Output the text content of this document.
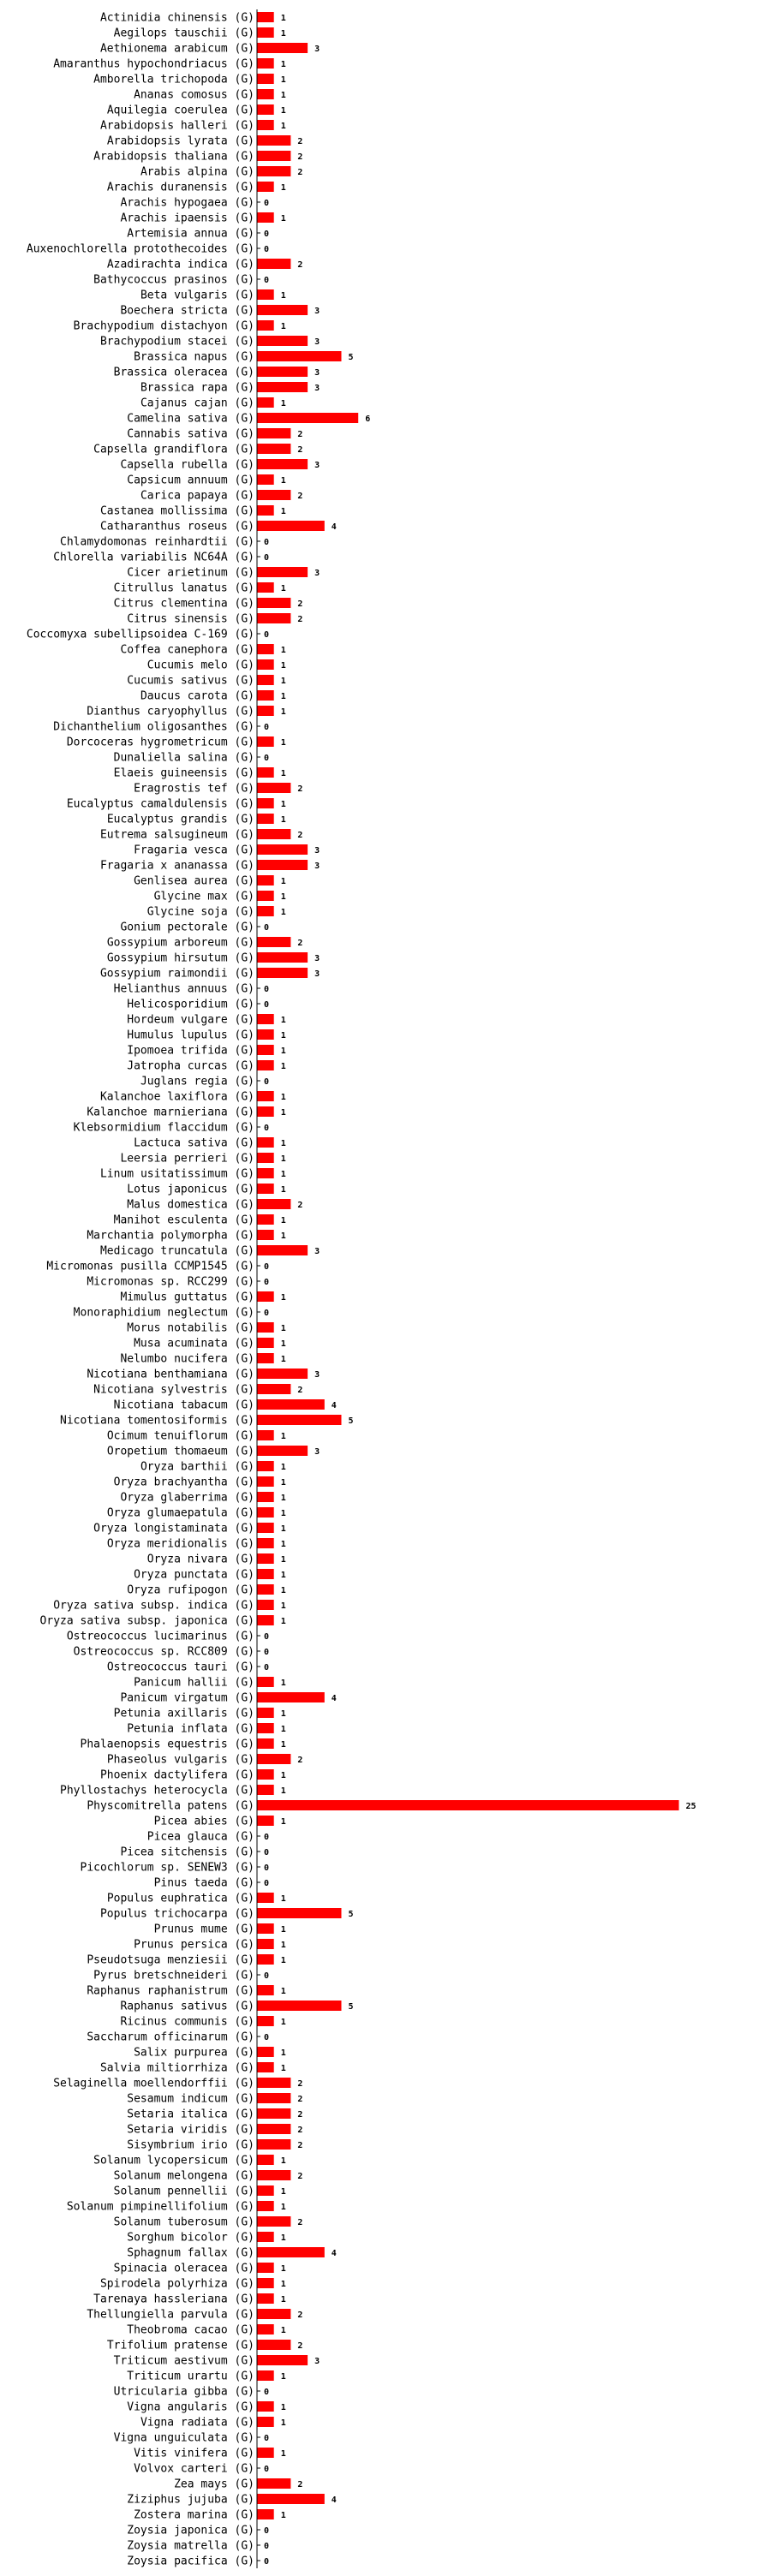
Actinidia chinensis (G)	1
Aegilops tauschii (G)	1
Aethionema arabicum (G)	3
Amaranthus hypochondriacus (G)	1
Amborella trichopoda (G)	1
Ananas comosus (G)	1
Aquilegia coerulea (G)	1
Arabidopsis halleri (G)	1
Arabidopsis lyrata (G)	2
Arabidopsis thaliana (G)	2
Arabis alpina (G)	2
Arachis duranensis (G)	1
Arachis hypogaea (G) 0
Arachis ipaensis (G)	1
Artemisia annua (G) 0
Auxenochlorella protothecoides (G) 0
Azadirachta indica (G)	2
Bathycoccus prasinos (G) 0
Beta vulgaris (G)	1
Boechera stricta (G)	3
Brachypodium distachyon (G)	1
Brachypodium stacei (G)	3
Brassica napus (G)	5
Brassica oleracea (G)	3
Brassica rapa (G)	3
Cajanus cajan (G)	1
Camelina sativa (G)	6
Cannabis sativa (G)	2
Capsella grandiflora (G)	2
Capsella rubella (G)	3
Capsicum annuum (G)	1
Carica papaya (G)	2
Castanea mollissima (G)	1
Catharanthus roseus (G)	4
Chlamydomonas reinhardtii (G) 0
Chlorella variabilis NC64A (G) 0
Cicer arietinum (G)	3
Citrullus lanatus (G)	1
Citrus clementina (G)	2
Citrus sinensis (G)	2
Coccomyxa subellipsoidea C-169 (G) 0
Coffea canephora (G)	1
Cucumis melo (G)	1
Cucumis sativus (G)	1
Daucus carota (G)	1
Dianthus caryophyllus (G)	1
Dichanthelium oligosanthes (G) 0
Dorcoceras hygrometricum (G)	1
Dunaliella salina (G) 0
Elaeis guineensis (G)	1
Eragrostis tef (G)	2
Eucalyptus camaldulensis (G)	1
Eucalyptus grandis (G)	1
Eutrema salsugineum (G)	2
Fragaria vesca (G)	3
Fragaria x ananassa (G)	3
Genlisea aurea (G)	1
Glycine max (G)	1
Glycine soja (G)	1
Gonium pectorale (G) 0
Gossypium arboreum (G)	2
Gossypium hirsutum (G)	3
Gossypium raimondii (G)	3
Helianthus annuus (G) 0
Helicosporidium (G) 0
Hordeum vulgare (G)	1
Humulus lupulus (G)	1
Ipomoea trifida (G)	1
Jatropha curcas (G)	1
Juglans regia (G) 0
Kalanchoe laxiflora (G)	1
Kalanchoe marnieriana (G)	1
Klebsormidium flaccidum (G) 0
Lactuca sativa (G)	1
Leersia perrieri (G)	1
Linum usitatissimum (G)	1
Lotus japonicus (G)	1
Malus domestica (G)	2
Manihot esculenta (G)	1
Marchantia polymorpha (G)	1
Medicago truncatula (G)	3
Micromonas pusilla CCMP1545 (G) 0
Micromonas sp. RCC299 (G) 0
Mimulus guttatus (G)	1
Monoraphidium neglectum (G) 0
Morus notabilis (G)	1
Musa acuminata (G)	1
Nelumbo nucifera (G)	1
Nicotiana benthamiana (G)	3
Nicotiana sylvestris (G)	2
Nicotiana tabacum (G)	4
Nicotiana tomentosiformis (G)	5
Ocimum tenuiflorum (G)	1
Oropetium thomaeum (G)	3
Oryza barthii (G)	1
Oryza brachyantha (G)	1
Oryza glaberrima (G)	1
Oryza glumaepatula (G)	1
Oryza longistaminata (G)	1
Oryza meridionalis (G)	1
Oryza nivara (G)	1
Oryza punctata (G)	1
Oryza rufipogon (G)	1
Oryza sativa subsp. indica (G)	1
Oryza sativa subsp. japonica (G)	1
Ostreococcus lucimarinus (G) 0
Ostreococcus sp. RCC809 (G) 0
Ostreococcus tauri (G) 0
Panicum hallii (G)	1
Panicum virgatum (G)	4
Petunia axillaris (G)	1
Petunia inflata (G)	1
Phalaenopsis equestris (G)	1
Phaseolus vulgaris (G)	2
Phoenix dactylifera (G)	1
Phyllostachys heterocycla (G)	1
Physcomitrella patens (G)	25
Picea abies (G)	1
Picea glauca (G) 0
Picea sitchensis (G) 0
Picochlorum sp. SENEW3 (G) 0
Pinus taeda (G) 0
Populus euphratica (G)	1
Populus trichocarpa (G)	5
Prunus mume (G)	1
Prunus persica (G)	1
Pseudotsuga menziesii (G)	1
Pyrus bretschneideri (G) 0
Raphanus raphanistrum (G)	1
Raphanus sativus (G)	5
Ricinus communis (G)	1
Saccharum officinarum (G) 0
Salix purpurea (G)	1
Salvia miltiorrhiza (G)	1
Selaginella moellendorffii (G)	2
Sesamum indicum (G)	2
Setaria italica (G)	2
Setaria viridis (G)	2
Sisymbrium irio (G)	2
Solanum lycopersicum (G)	1
Solanum melongena (G)	2
Solanum pennellii (G)	1
Solanum pimpinellifolium (G)	1
Solanum tuberosum (G)	2
Sorghum bicolor (G)	1
Sphagnum fallax (G)	4
Spinacia oleracea (G)	1
Spirodela polyrhiza (G)	1
Tarenaya hassleriana (G)	1
Thellungiella parvula (G)	2
Theobroma cacao (G)	1
Trifolium pratense (G)	2
Triticum aestivum (G)	3
Triticum urartu (G)	1
Utricularia gibba (G) 0
Vigna angularis (G)	1
Vigna radiata (G)	1
Vigna unguiculata (G) 0
Vitis vinifera (G)	1
Volvox carteri (G) 0
Zea mays (G)	2
Ziziphus jujuba (G)	4
Zostera marina (G)	1
Zoysia japonica (G) 0
Zoysia matrella (G) 0
Zoysia pacifica (G) 0
